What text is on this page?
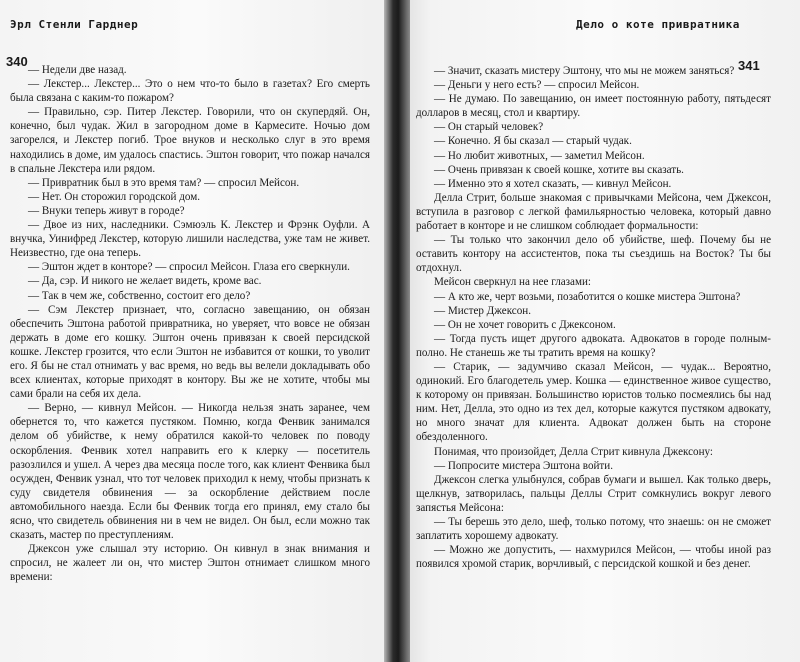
Эрл Стенли Гарднер
340

— Недели две назад.

— Лекстер... Лекстер... Это о нем что-то было в газетах? Его смерть была связана с каким-то пожаром?

— Правильно, сэр. Питер Лекстер. Говорили, что он скупердяй. Он, конечно, был чудак. Жил в загородном доме в Кармесите. Ночью дом загорелся, и Лекстер погиб. Трое внуков и несколько слуг в это время находились в доме, им удалось спастись. Эштон говорит, что пожар начался в спальне Лекстера или рядом.

— Привратник был в это время там? — спросил Мейсон.

— Нет. Он сторожил городской дом.

— Внуки теперь живут в городе?

— Двое из них, наследники. Сэмюэль К. Лекстер и Фрэнк Оуфли. А внучка, Уинифред Лекстер, которую лишили наследства, уже там не живет. Неизвестно, где она теперь.

— Эштон ждет в конторе? — спросил Мейсон. Глаза его сверкнули.

— Да, сэр. И никого не желает видеть, кроме вас.

— Так в чем же, собственно, состоит его дело?

— Сэм Лекстер признает, что, согласно завещанию, он обязан обеспечить Эштона работой привратника, но уверяет, что вовсе не обязан держать в доме его кошку. Эштон очень привязан к своей персидской кошке. Лекстер грозится, что если Эштон не избавится от кошки, то уволит его. Я бы не стал отнимать у вас время, но ведь вы велели докладывать обо всех клиентах, которые приходят в контору. Вы же не хотите, чтобы мы сами брали на себя их дела.

— Верно, — кивнул Мейсон. — Никогда нельзя знать заранее, чем обернется то, что кажется пустяком. Помню, когда Фенвик занимался делом об убийстве, к нему обратился какой-то человек по поводу оскорбления. Фенвик хотел направить его к клерку — посетитель разозлился и ушел. А через два месяца после того, как клиент Фенвика был осужден, Фенвик узнал, что тот человек приходил к нему, чтобы признать к суду свидетеля обвинения — за оскорбление действием после автомобильного наезда. Если бы Фенвик тогда его принял, ему стало бы ясно, что свидетель обвинения ни в чем не видел. Он был, если можно так сказать, мастер по преступлениям.

Джексон уже слышал эту историю. Он кивнул в знак внимания и спросил, не жалеет ли он, что мистер Эштон отнимает слишком много времени:

Дело о коте привратника
341

— Значит, сказать мистеру Эштону, что мы не можем заняться?

— Деньги у него есть? — спросил Мейсон.

— Не думаю. По завещанию, он имеет постоянную работу, пятьдесят долларов в месяц, стол и квартиру.

— Он старый человек?

— Конечно. Я бы сказал — старый чудак.

— Но любит животных, — заметил Мейсон.

— Очень привязан к своей кошке, хотите вы сказать.

— Именно это я хотел сказать, — кивнул Мейсон.

Делла Стрит, больше знакомая с привычками Мейсона, чем Джексон, вступила в разговор с легкой фамильярностью человека, который давно работает в конторе и не слишком соблюдает формальности:

— Ты только что закончил дело об убийстве, шеф. Почему бы не оставить контору на ассистентов, пока ты съездишь на Восток? Ты бы отдохнул.

Мейсон сверкнул на нее глазами:

— А кто же, черт возьми, позаботится о кошке мистера Эштона?

— Мистер Джексон.

— Он не хочет говорить с Джексоном.

— Тогда пусть ищет другого адвоката. Адвокатов в городе полным-полно. Не станешь же ты тратить время на кошку?

— Старик, — задумчиво сказал Мейсон, — чудак... Вероятно, одинокий. Его благодетель умер. Кошка — единственное живое существо, к которому он привязан. Большинство юристов только посмеялись бы над ним. Нет, Делла, это одно из тех дел, которые кажутся пустяком адвокату, но много значат для клиента. Адвокат должен быть на стороне обездоленного.

Понимая, что произойдет, Делла Стрит кивнула Джексону:

— Попросите мистера Эштона войти.

Джексон слегка улыбнулся, собрав бумаги и вышел. Как только дверь, щелкнув, затворилась, пальцы Деллы Стрит сомкнулись вокруг левого запястья Мейсона:

— Ты берешь это дело, шеф, только потому, что знаешь: он не сможет заплатить хорошему адвокату.

— Можно же допустить, — нахмурился Мейсон, — чтобы иной раз появился хромой старик, ворчливый, с персидской кошкой и без денег.
